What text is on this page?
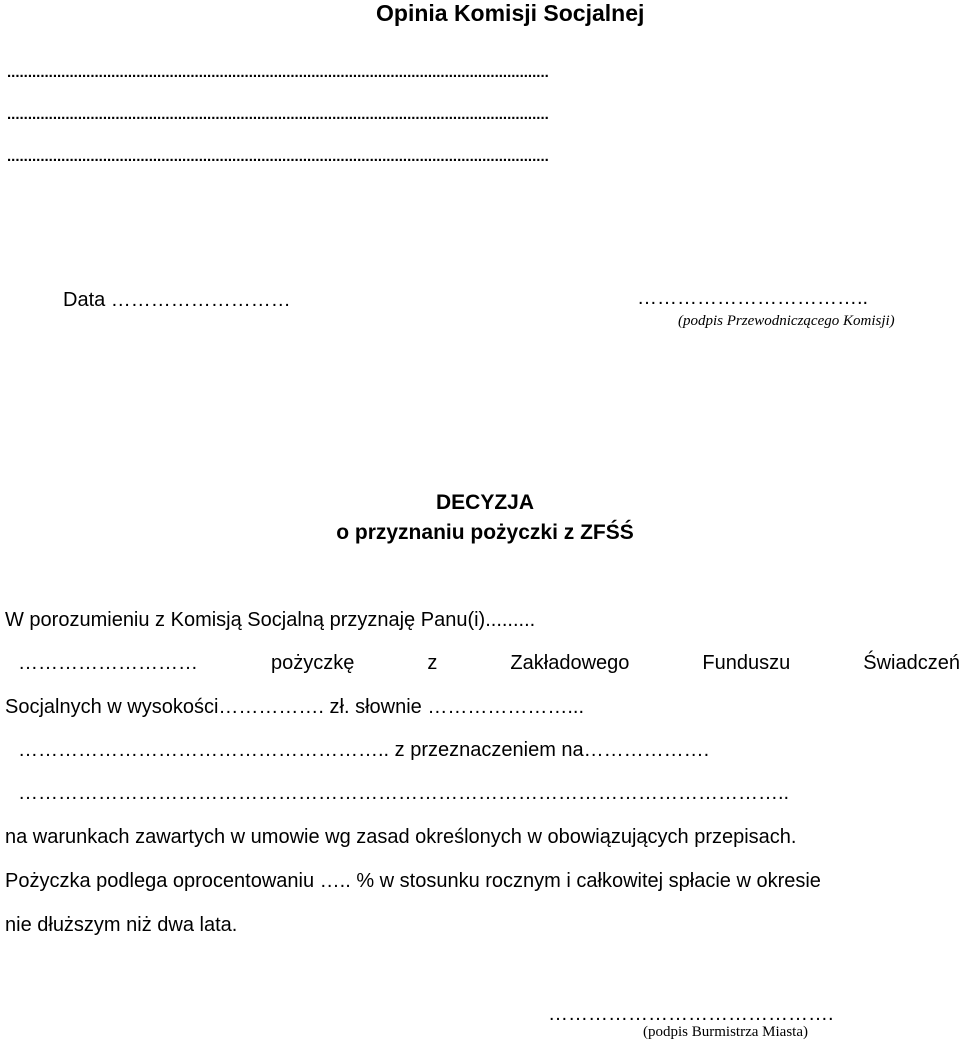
Opinia Komisji Socjalnej
..................................................................................................................................
..................................................................................................................................
..................................................................................................................................
Data ………………………	……………………………..
(podpis Przewodniczącego Komisji)
DECYZJA
o przyznaniu pożyczki z ZFŚŚ
W porozumieniu z Komisją Socjalną przyznaję Panu(i).........
……………………… pożyczkę z Zakładowego Funduszu Świadczeń
Socjalnych w wysokości……………. zł. słownie …………………...
……………………………………………….. z przeznaczeniem na……………….
……………………………………………………………………………………………………..
na warunkach zawartych w umowie wg zasad określonych w obowiązujących przepisach.
Pożyczka podlega oprocentowaniu ….. % w stosunku rocznym i całkowitej spłacie w okresie
nie dłuższym niż dwa lata.
…………………………………….
(podpis Burmistrza Miasta)
